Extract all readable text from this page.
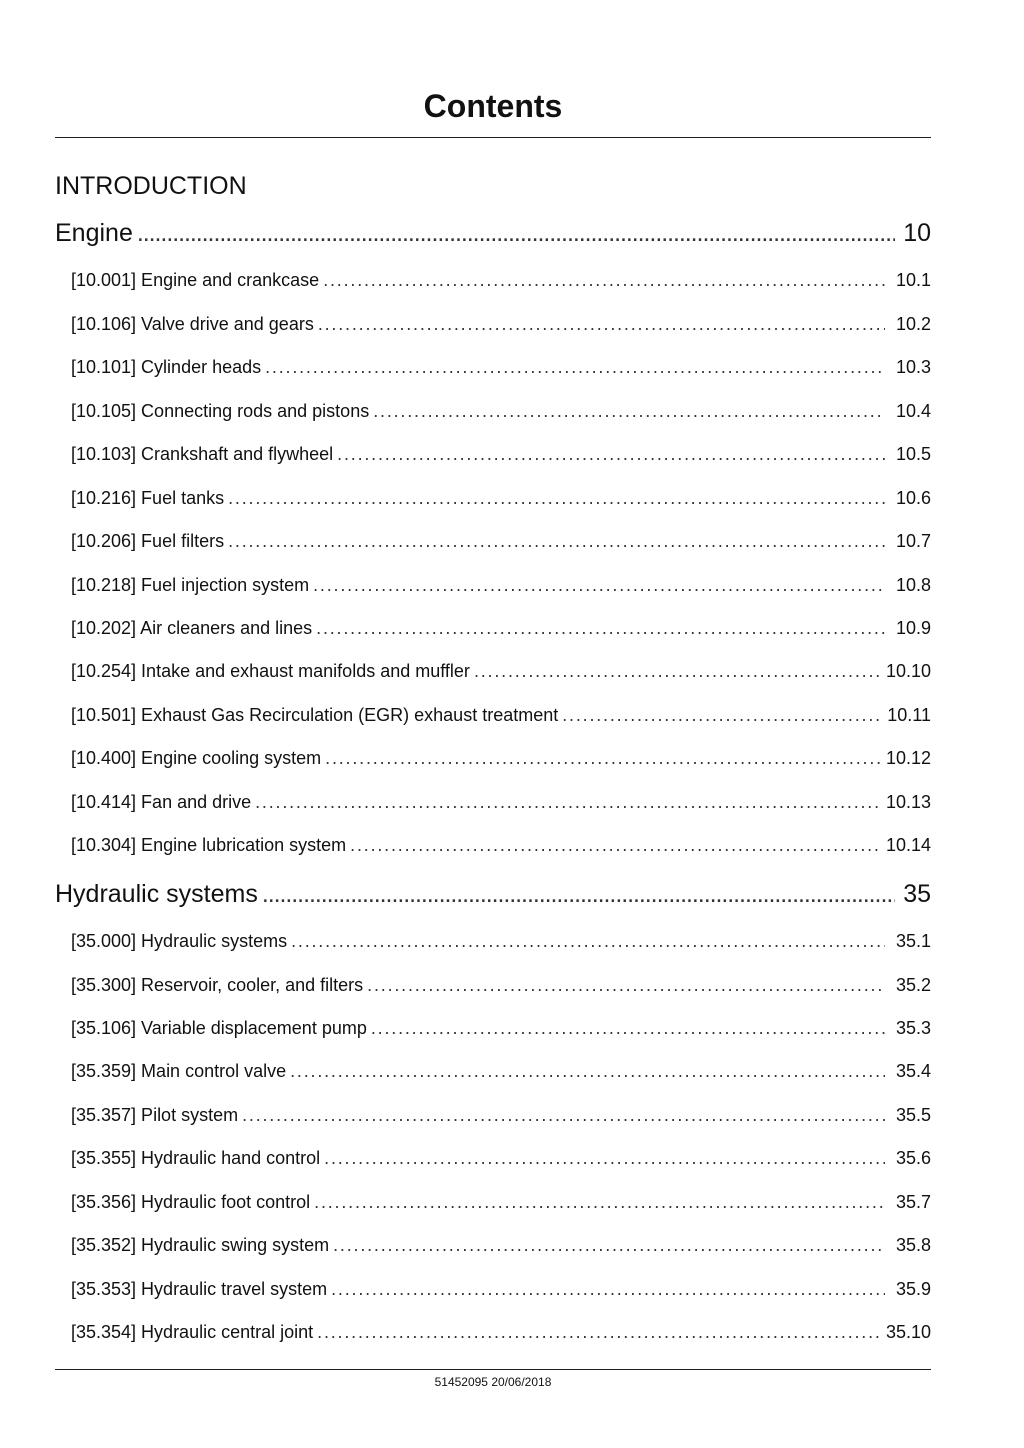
Contents
INTRODUCTION
Engine . . .	10
[10.001] Engine and crankcase . . .	10.1
[10.106] Valve drive and gears . . .	10.2
[10.101] Cylinder heads . . .	10.3
[10.105] Connecting rods and pistons . . .	10.4
[10.103] Crankshaft and flywheel . . .	10.5
[10.216] Fuel tanks . . .	10.6
[10.206] Fuel filters . . .	10.7
[10.218] Fuel injection system . . .	10.8
[10.202] Air cleaners and lines . . .	10.9
[10.254] Intake and exhaust manifolds and muffler . . .	10.10
[10.501] Exhaust Gas Recirculation (EGR) exhaust treatment . . .	10.11
[10.400] Engine cooling system . . .	10.12
[10.414] Fan and drive . . .	10.13
[10.304] Engine lubrication system . . .	10.14
Hydraulic systems . . .	35
[35.000] Hydraulic systems . . .	35.1
[35.300] Reservoir, cooler, and filters . . .	35.2
[35.106] Variable displacement pump . . .	35.3
[35.359] Main control valve . . .	35.4
[35.357] Pilot system . . .	35.5
[35.355] Hydraulic hand control . . .	35.6
[35.356] Hydraulic foot control . . .	35.7
[35.352] Hydraulic swing system . . .	35.8
[35.353] Hydraulic travel system . . .	35.9
[35.354] Hydraulic central joint . . .	35.10
51452095 20/06/2018
